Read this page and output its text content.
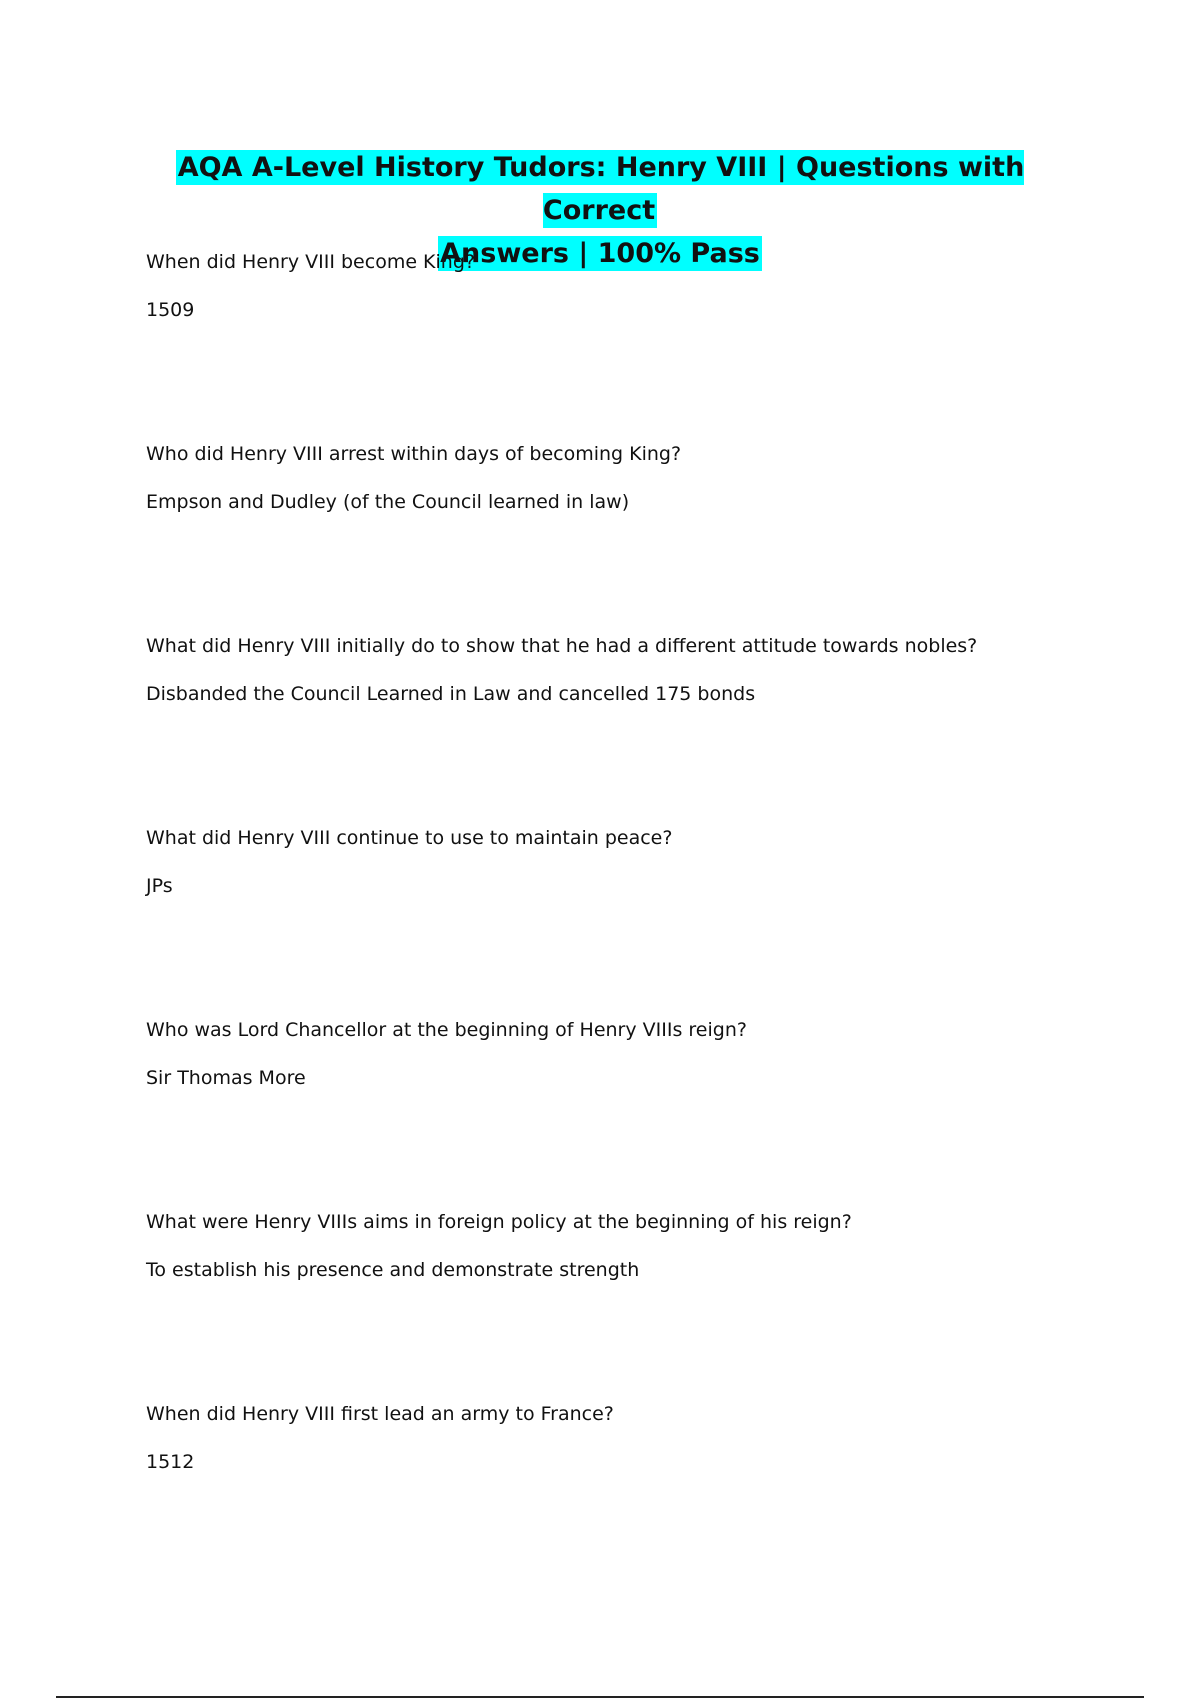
AQA A-Level History Tudors: Henry VIII | Questions with Correct
Answers | 100% Pass

When did Henry VIII become King?

1509

Who did Henry VIII arrest within days of becoming King?

Empson and Dudley (of the Council learned in law)

What did Henry VIII initially do to show that he had a different attitude towards nobles?

Disbanded the Council Learned in Law and cancelled 175 bonds

What did Henry VIII continue to use to maintain peace?

JPs

Who was Lord Chancellor at the beginning of Henry VIIIs reign?

Sir Thomas More

What were Henry VIIIs aims in foreign policy at the beginning of his reign?

To establish his presence and demonstrate strength

When did Henry VIII first lead an army to France?

1512
